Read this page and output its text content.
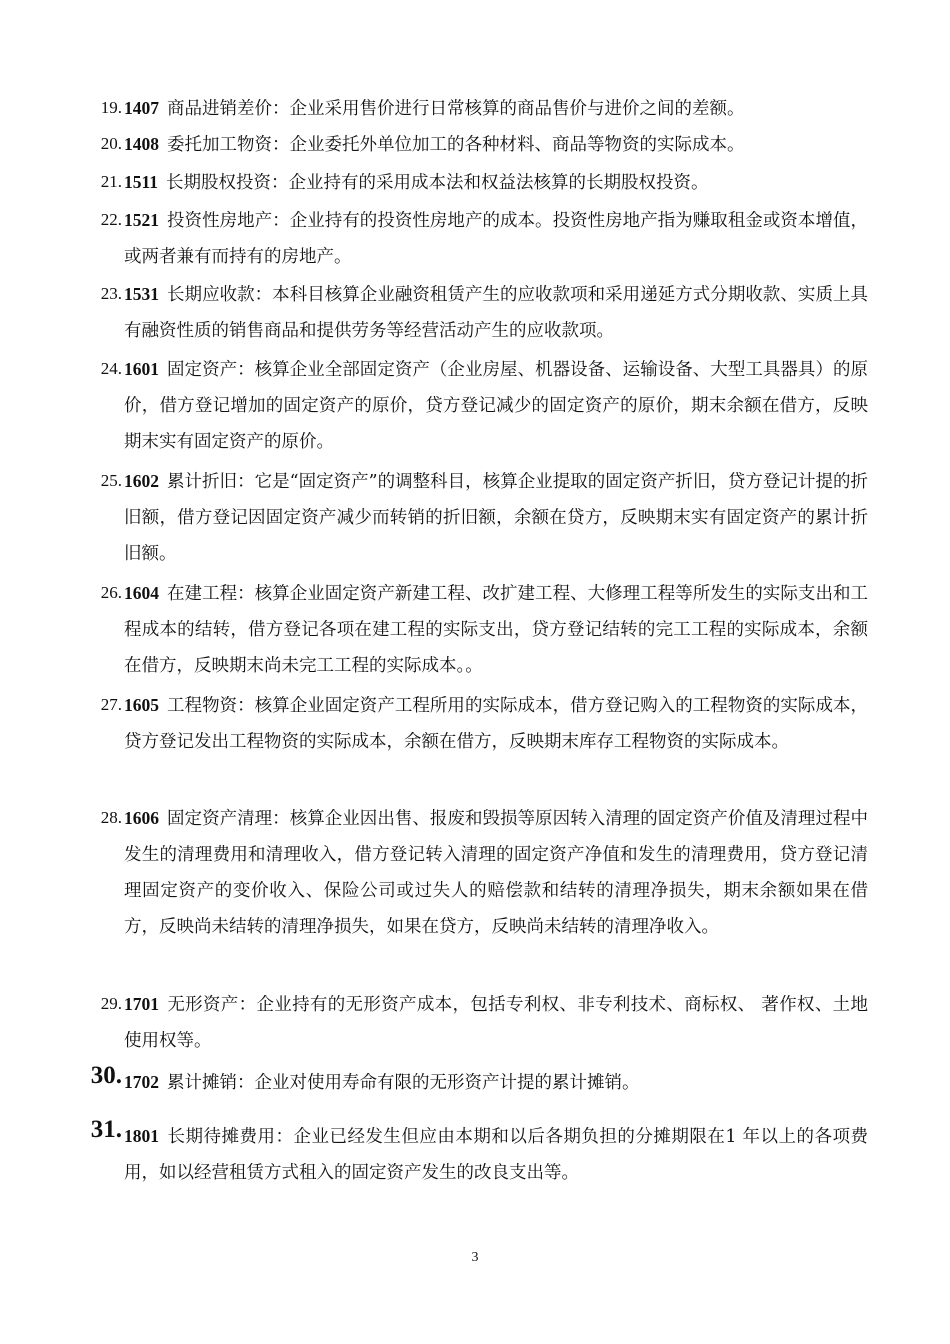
19. 1407 商品进销差价：企业采用售价进行日常核算的商品售价与进价之间的差额。
20. 1408 委托加工物资：企业委托外单位加工的各种材料、商品等物资的实际成本。
21. 1511 长期股权投资：企业持有的采用成本法和权益法核算的长期股权投资。
22. 1521 投资性房地产：企业持有的投资性房地产的成本。投资性房地产指为赚取租金或资本增值，或两者兼有而持有的房地产。
23. 1531 长期应收款：本科目核算企业融资租赁产生的应收款项和采用递延方式分期收款、实质上具有融资性质的销售商品和提供劳务等经营活动产生的应收款项。
24. 1601 固定资产：核算企业全部固定资产（企业房屋、机器设备、运输设备、大型工具器具）的原价，借方登记增加的固定资产的原价，贷方登记减少的固定资产的原价，期末余额在借方，反映期末实有固定资产的原价。
25. 1602 累计折旧：它是“固定资产”的调整科目，核算企业提取的固定资产折旧，贷方登记计提的折旧额，借方登记因固定资产减少而转销的折旧额，余额在贷方，反映期末实有固定资产的累计折旧额。
26. 1604 在建工程：核算企业固定资产新建工程、改扩建工程、大修理工程等所发生的实际支出和工程成本的结转，借方登记各项在建工程的实际支出，贷方登记结转的完工工程的实际成本，余额在借方，反映期末尚未完工工程的实际成本。。
27. 1605 工程物资：核算企业固定资产工程所用的实际成本，借方登记购入的工程物资的实际成本，贷方登记发出工程物资的实际成本，余额在借方，反映期末库存工程物资的实际成本。
28. 1606 固定资产清理：核算企业因出售、报废和毁损等原因转入清理的固定资产价值及清理过程中发生的清理费用和清理收入，借方登记转入清理的固定资产净值和发生的清理费用，贷方登记清理固定资产的变价收入、保险公司或过失人的赔偿款和结转的清理净损失，期末余额如果在借方，反映尚未结转的清理净损失，如果在贷方，反映尚未结转的清理净收入。
29. 1701 无形资产：企业持有的无形资产成本，包括专利权、非专利技术、商标权、 著作权、土地使用权等。
30. 1702 累计摊销：企业对使用寿命有限的无形资产计提的累计摊销。
31. 1801 长期待摊费用：企业已经发生但应由本期和以后各期负担的分摊期限在1 年以上的各项费用，如以经营租赁方式租入的固定资产发生的改良支出等。
3
